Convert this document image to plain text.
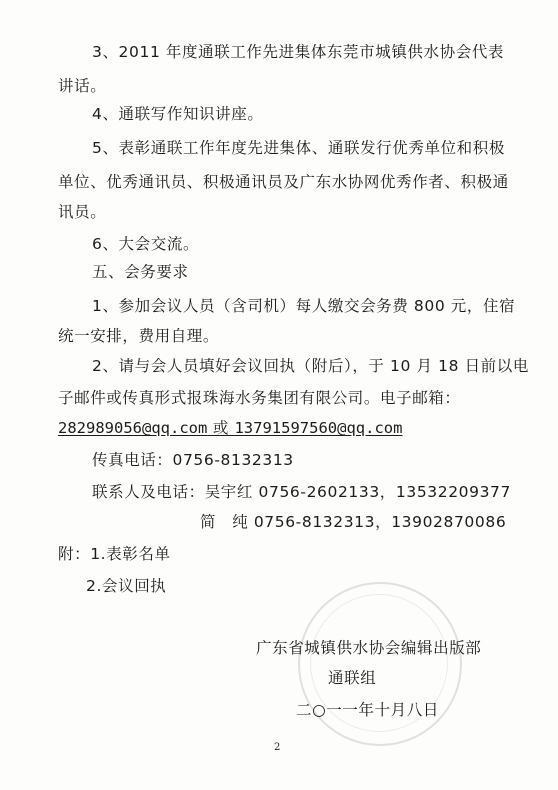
3、2011 年度通联工作先进集体东莞市城镇供水协会代表
讲话。
4、通联写作知识讲座。
5、表彰通联工作年度先进集体、通联发行优秀单位和积极
单位、优秀通讯员、积极通讯员及广东水协网优秀作者、积极通
讯员。
6、大会交流。
五、会务要求
1、参加会议人员（含司机）每人缴交会务费 800 元，住宿
统一安排，费用自理。
2、请与会人员填好会议回执（附后），于 10 月 18 日前以电
子邮件或传真形式报珠海水务集团有限公司。电子邮箱：
282989056@qq.com 或 13791597560@qq.com
传真电话：0756-8132313
联系人及电话：吴宇红 0756-2602133，13532209377
简　纯 0756-8132313，13902870086
附：1.表彰名单
2.会议回执
广东省城镇供水协会编辑出版部
通联组
二○一一年十月八日
2
